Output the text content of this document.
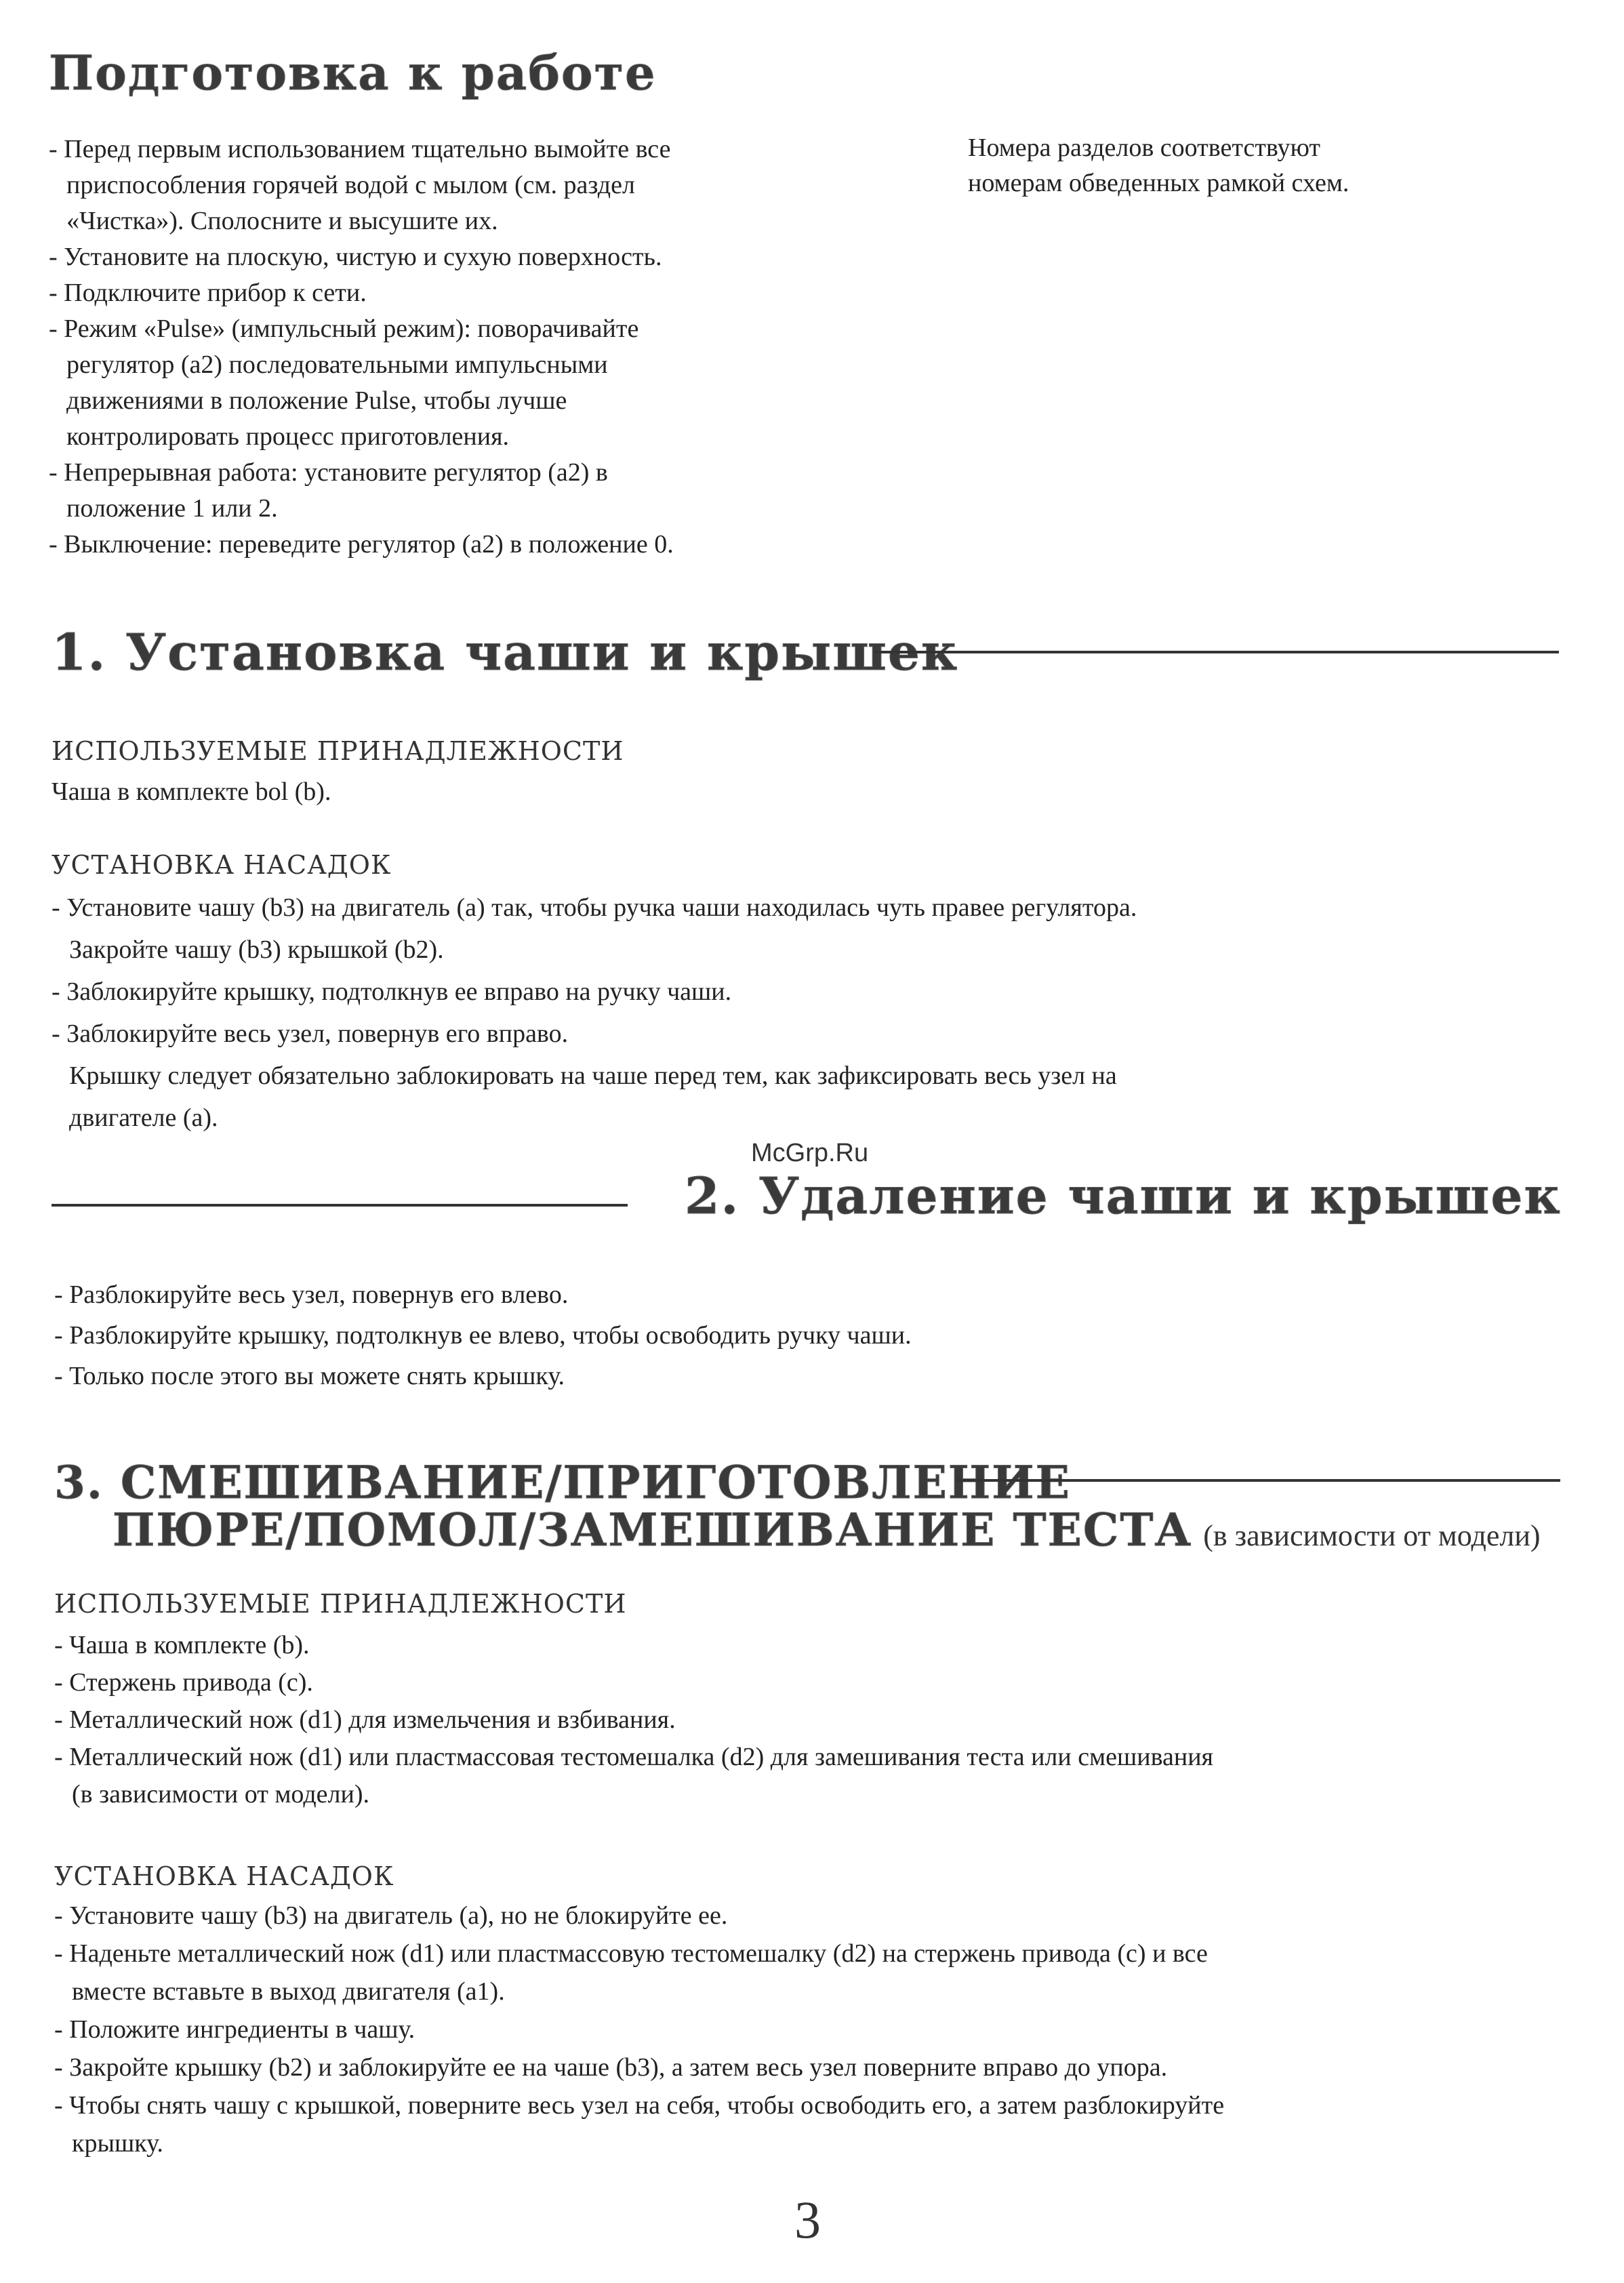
Подготовка к работе
- Перед первым использованием тщательно вымойте все
приспособления горячей водой с мылом (см. раздел
«Чистка»). Сполосните и высушите их.
- Установите на плоскую, чистую и сухую поверхность.
- Подключите прибор к сети.
- Режим «Pulse» (импульсный режим): поворачивайте
регулятор (а2) последовательными импульсными
движениями в положение Pulse, чтобы лучше
контролировать процесс приготовления.
- Непрерывная работа: установите регулятор (а2) в
положение 1 или 2.
- Выключение: переведите регулятор (а2) в положение 0.
Номера разделов соответствуют
номерам обведенных рамкой схем.
1. Установка чаши и крышек
ИСПОЛЬЗУЕМЫЕ ПРИНАДЛЕЖНОСТИ
Чаша в комплекте bol (b).
УСТАНОВКА НАСАДОК
- Установите чашу (b3) на двигатель (а) так, чтобы ручка чаши находилась чуть правее регулятора.
Закройте чашу (b3) крышкой (b2).
- Заблокируйте крышку, подтолкнув ее вправо на ручку чаши.
- Заблокируйте весь узел, повернув его вправо.
Крышку следует обязательно заблокировать на чаше перед тем, как зафиксировать весь узел на
двигателе (а).
McGrp.Ru
2. Удаление чаши и крышек
- Разблокируйте весь узел, повернув его влево.
- Разблокируйте крышку, подтолкнув ее влево, чтобы освободить ручку чаши.
- Только после этого вы можете снять крышку.
3. СМЕШИВАНИЕ/ПРИГОТОВЛЕНИЕ
ПЮРЕ/ПОМОЛ/ЗАМЕШИВАНИЕ ТЕСТА (в зависимости от модели)
ИСПОЛЬЗУЕМЫЕ ПРИНАДЛЕЖНОСТИ
- Чаша в комплекте (b).
- Стержень привода (с).
- Металлический нож (d1) для измельчения и взбивания.
- Металлический нож (d1) или пластмассовая тестомешалка (d2) для замешивания теста или смешивания
(в зависимости от модели).
УСТАНОВКА НАСАДОК
- Установите чашу (b3) на двигатель (а), но не блокируйте ее.
- Наденьте металлический нож (d1) или пластмассовую тестомешалку (d2) на стержень привода (с) и все
вместе вставьте в выход двигателя (а1).
- Положите ингредиенты в чашу.
- Закройте крышку (b2) и заблокируйте ее на чаше (b3), а затем весь узел поверните вправо до упора.
- Чтобы снять чашу с крышкой, поверните весь узел на себя, чтобы освободить его, а затем разблокируйте
крышку.
3
